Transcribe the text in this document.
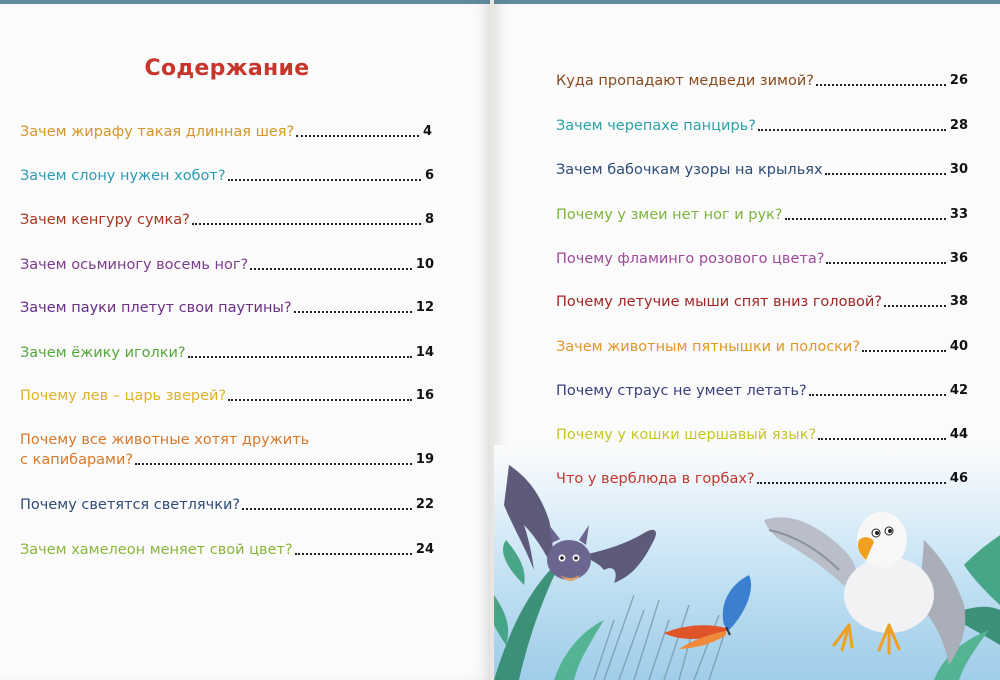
Содержание
Зачем жирафу такая длинная шея?	4
Зачем слону нужен хобот?	6
Зачем кенгуру сумка?	8
Зачем осьминогу восемь ног?	10
Зачем пауки плетут свои паутины?	12
Зачем ёжику иголки?	14
Почему лев – царь зверей?	16
Почему все животные хотят дружить
с капибарами?	19
Почему светятся светлячки?	22
Зачем хамелеон меняет свой цвет?	24
Куда пропадают медведи зимой?	26
Зачем черепахе панцирь?	28
Зачем бабочкам узоры на крыльях	30
Почему у змеи нет ног и рук?	33
Почему фламинго розового цвета?	36
Почему летучие мыши спят вниз головой?	38
Зачем животным пятнышки и полоски?	40
Почему страус не умеет летать?	42
Почему у кошки шершавый язык?	44
Что у верблюда в горбах?	46
